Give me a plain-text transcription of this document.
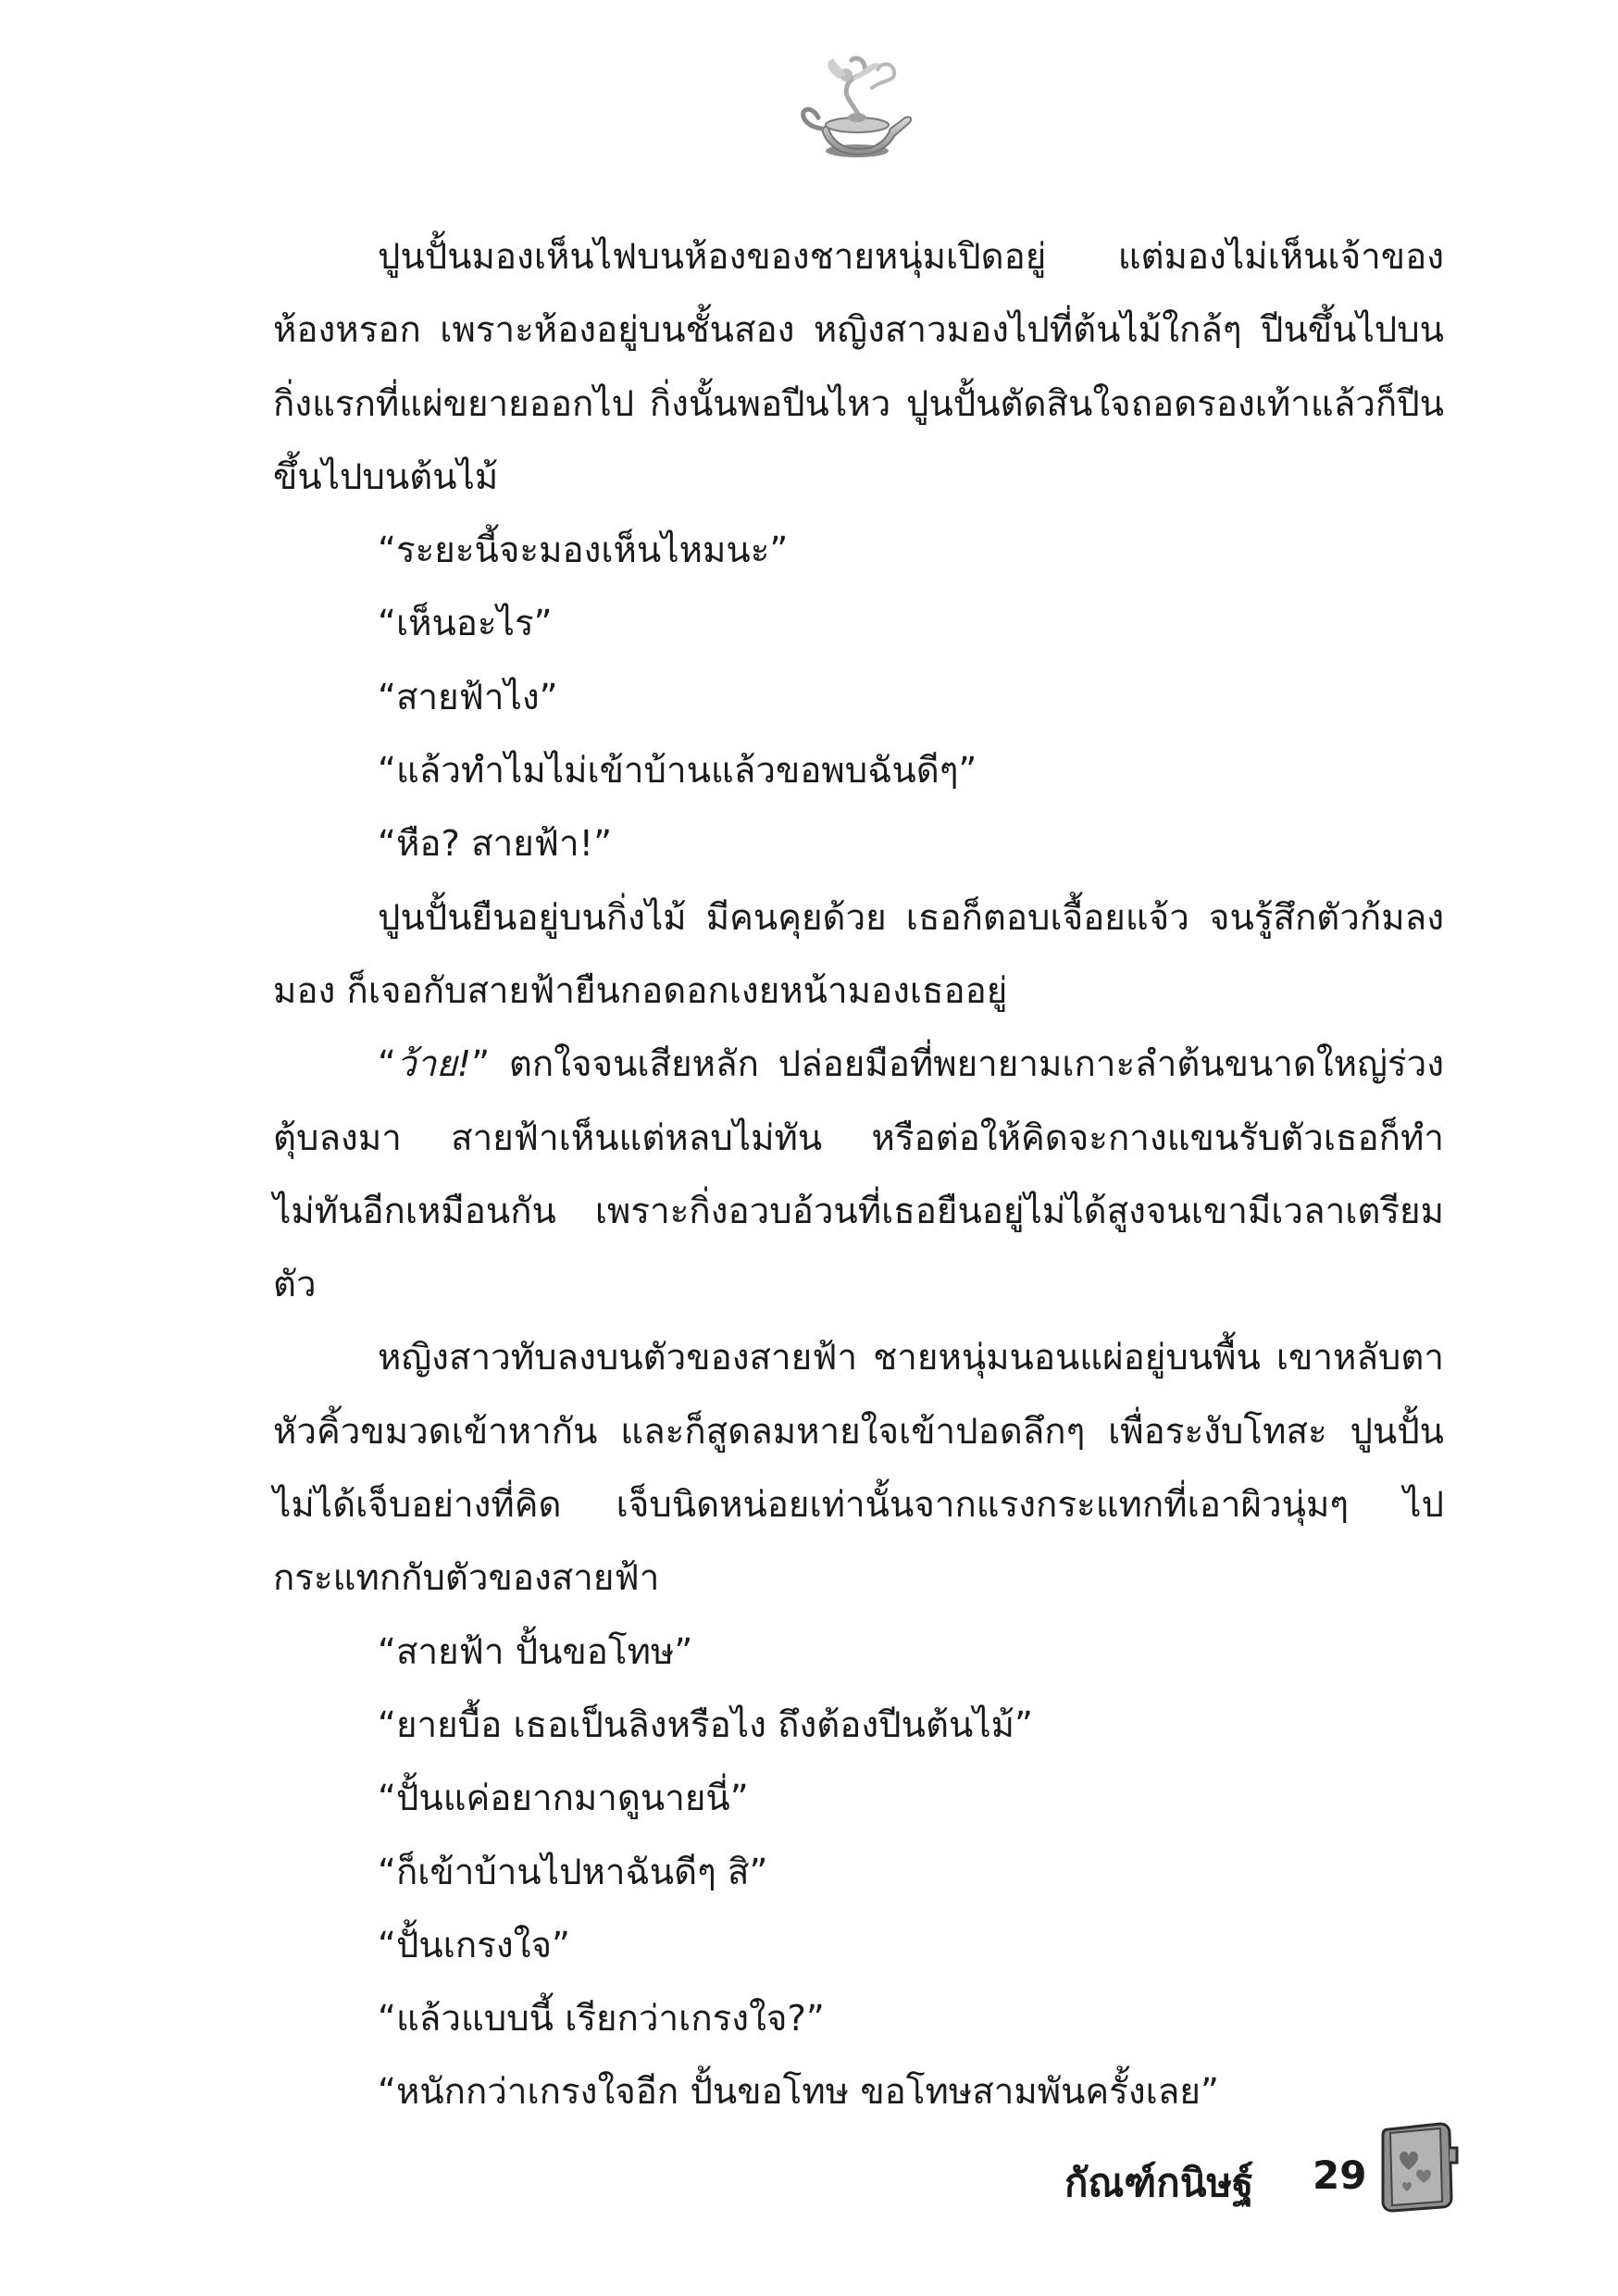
ปูนปั้นมองเห็นไฟบนห้องของชายหนุ่มเปิดอยู่ แต่มองไม่เห็นเจ้าของห้องหรอก เพราะห้องอยู่บนชั้นสอง หญิงสาวมองไปที่ต้นไม้ใกล้ๆ ปีนขึ้นไปบนกิ่งแรกที่แผ่ขยายออกไป กิ่งนั้นพอปีนไหว ปูนปั้นตัดสินใจถอดรองเท้าแล้วก็ปีนขึ้นไปบนต้นไม้

“ระยะนี้จะมองเห็นไหมนะ”

“เห็นอะไร”

“สายฟ้าไง”

“แล้วทำไมไม่เข้าบ้านแล้วขอพบฉันดีๆ”

“หือ? สายฟ้า!”

ปูนปั้นยืนอยู่บนกิ่งไม้ มีคนคุยด้วย เธอก็ตอบเจื้อยแจ้ว จนรู้สึกตัวก้มลงมอง ก็เจอกับสายฟ้ายืนกอดอกเงยหน้ามองเธออยู่

“ว้าย!” ตกใจจนเสียหลัก ปล่อยมือที่พยายามเกาะลำต้นขนาดใหญ่ร่วงตุ้บลงมา สายฟ้าเห็นแต่หลบไม่ทัน หรือต่อให้คิดจะกางแขนรับตัวเธอก็ทำไม่ทันอีกเหมือนกัน เพราะกิ่งอวบอ้วนที่เธอยืนอยู่ไม่ได้สูงจนเขามีเวลาเตรียมตัว

หญิงสาวทับลงบนตัวของสายฟ้า ชายหนุ่มนอนแผ่อยู่บนพื้น เขาหลับตา หัวคิ้วขมวดเข้าหากัน และก็สูดลมหายใจเข้าปอดลึกๆ เพื่อระงับโทสะ ปูนปั้นไม่ได้เจ็บอย่างที่คิด เจ็บนิดหน่อยเท่านั้นจากแรงกระแทกที่เอาผิวนุ่มๆ ไปกระแทกกับตัวของสายฟ้า

“สายฟ้า ปั้นขอโทษ”

“ยายบื้อ เธอเป็นลิงหรือไง ถึงต้องปีนต้นไม้”

“ปั้นแค่อยากมาดูนายนี่”

“ก็เข้าบ้านไปหาฉันดีๆ สิ”

“ปั้นเกรงใจ”

“แล้วแบบนี้ เรียกว่าเกรงใจ?”

“หนักกว่าเกรงใจอีก ปั้นขอโทษ ขอโทษสามพันครั้งเลย”

กัณฑ์กนิษฐ์	29
